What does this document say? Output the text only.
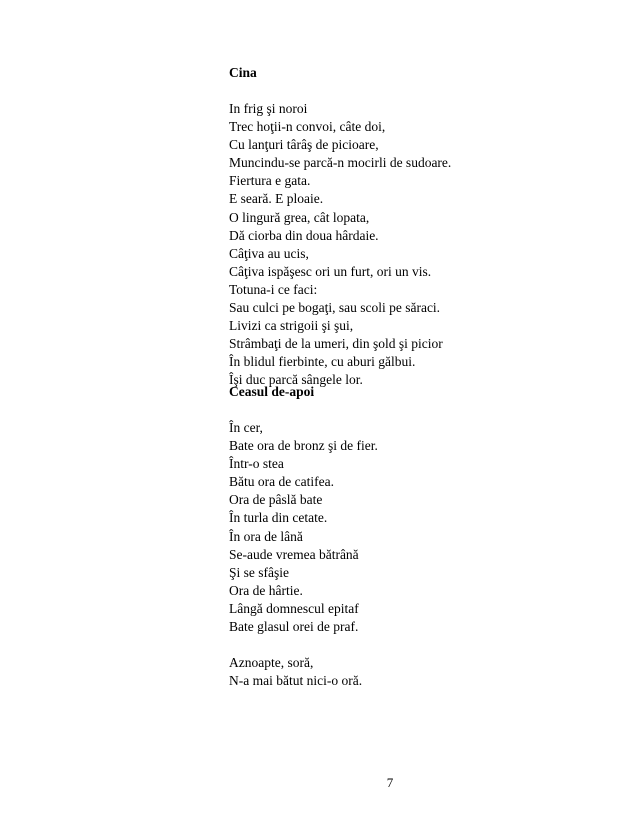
Cina
In frig şi noroi
Trec hoţii-n convoi, câte doi,
Cu lanţuri târâş de picioare,
Muncindu-se parcă-n mocirli de sudoare.
Fiertura e gata.
E seară. E ploaie.
O lingură grea, cât lopata,
Dă ciorba din doua hârdaie.
Câţiva au ucis,
Câţiva ispăşesc ori un furt, ori un vis.
Totuna-i ce faci:
Sau culci pe bogaţi, sau scoli pe săraci.
Livizi ca strigoii şi şui,
Strâmbaţi de la umeri, din şold şi picior
În blidul fierbinte, cu aburi gălbui.
Îşi duc parcă sângele lor.
Ceasul de-apoi
În cer,
Bate ora de bronz şi de fier.
Într-o stea
Bătu ora de catifea.
Ora de pâslă bate
În turla din cetate.
În ora de lână
Se-aude vremea bătrână
Şi se sfâşie
Ora de hârtie.
Lângă domnescul epitaf
Bate glasul orei de praf.
Aznoapte, soră,
N-a mai bătut nici-o oră.
7
